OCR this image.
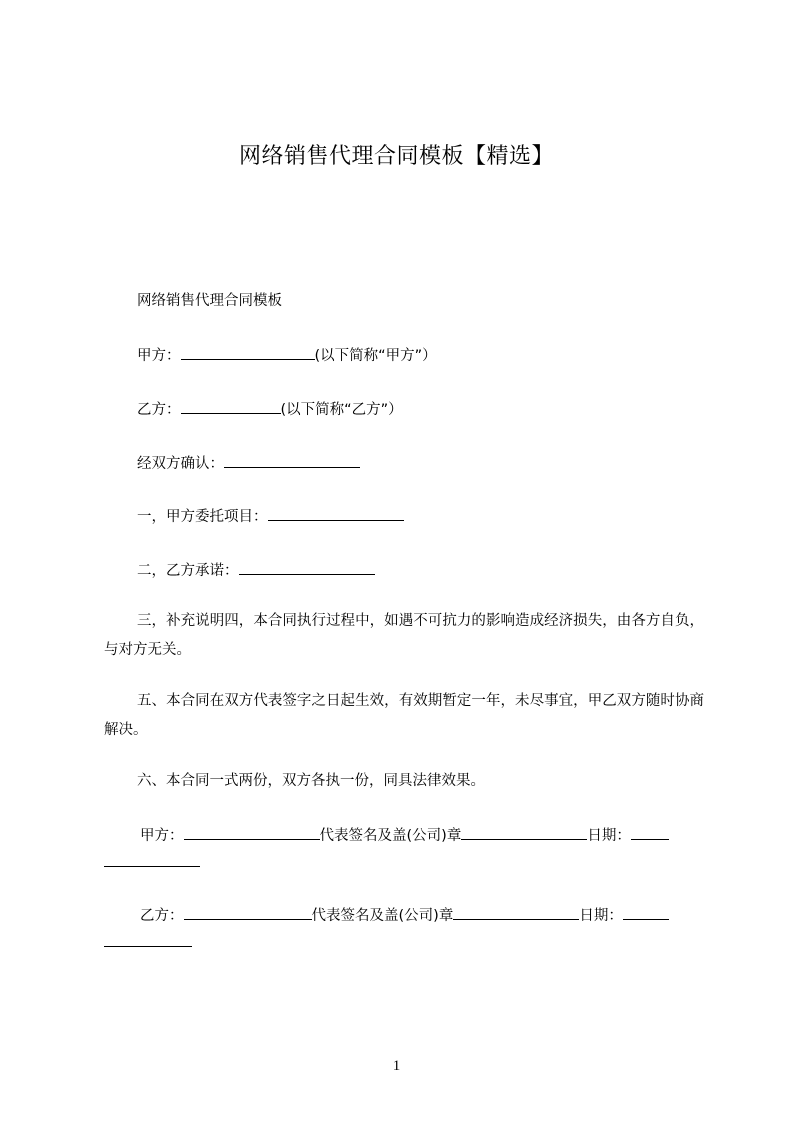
网络销售代理合同模板【精选】
网络销售代理合同模板
甲方：	(以下简称“甲方”）
乙方：	(以下简称“乙方”）
经双方确认：
一，甲方委托项目：
二，乙方承诺：
三，补充说明四，本合同执行过程中，如遇不可抗力的影响造成经济损失，由各方自负，与对方无关。
五、本合同在双方代表签字之日起生效，有效期暂定一年，未尽事宜，甲乙双方随时协商解决。
六、本合同一式两份，双方各执一份，同具法律效果。
甲方：	代表签名及盖(公司)章	日期：
乙方：	代表签名及盖(公司)章	日期：
1
